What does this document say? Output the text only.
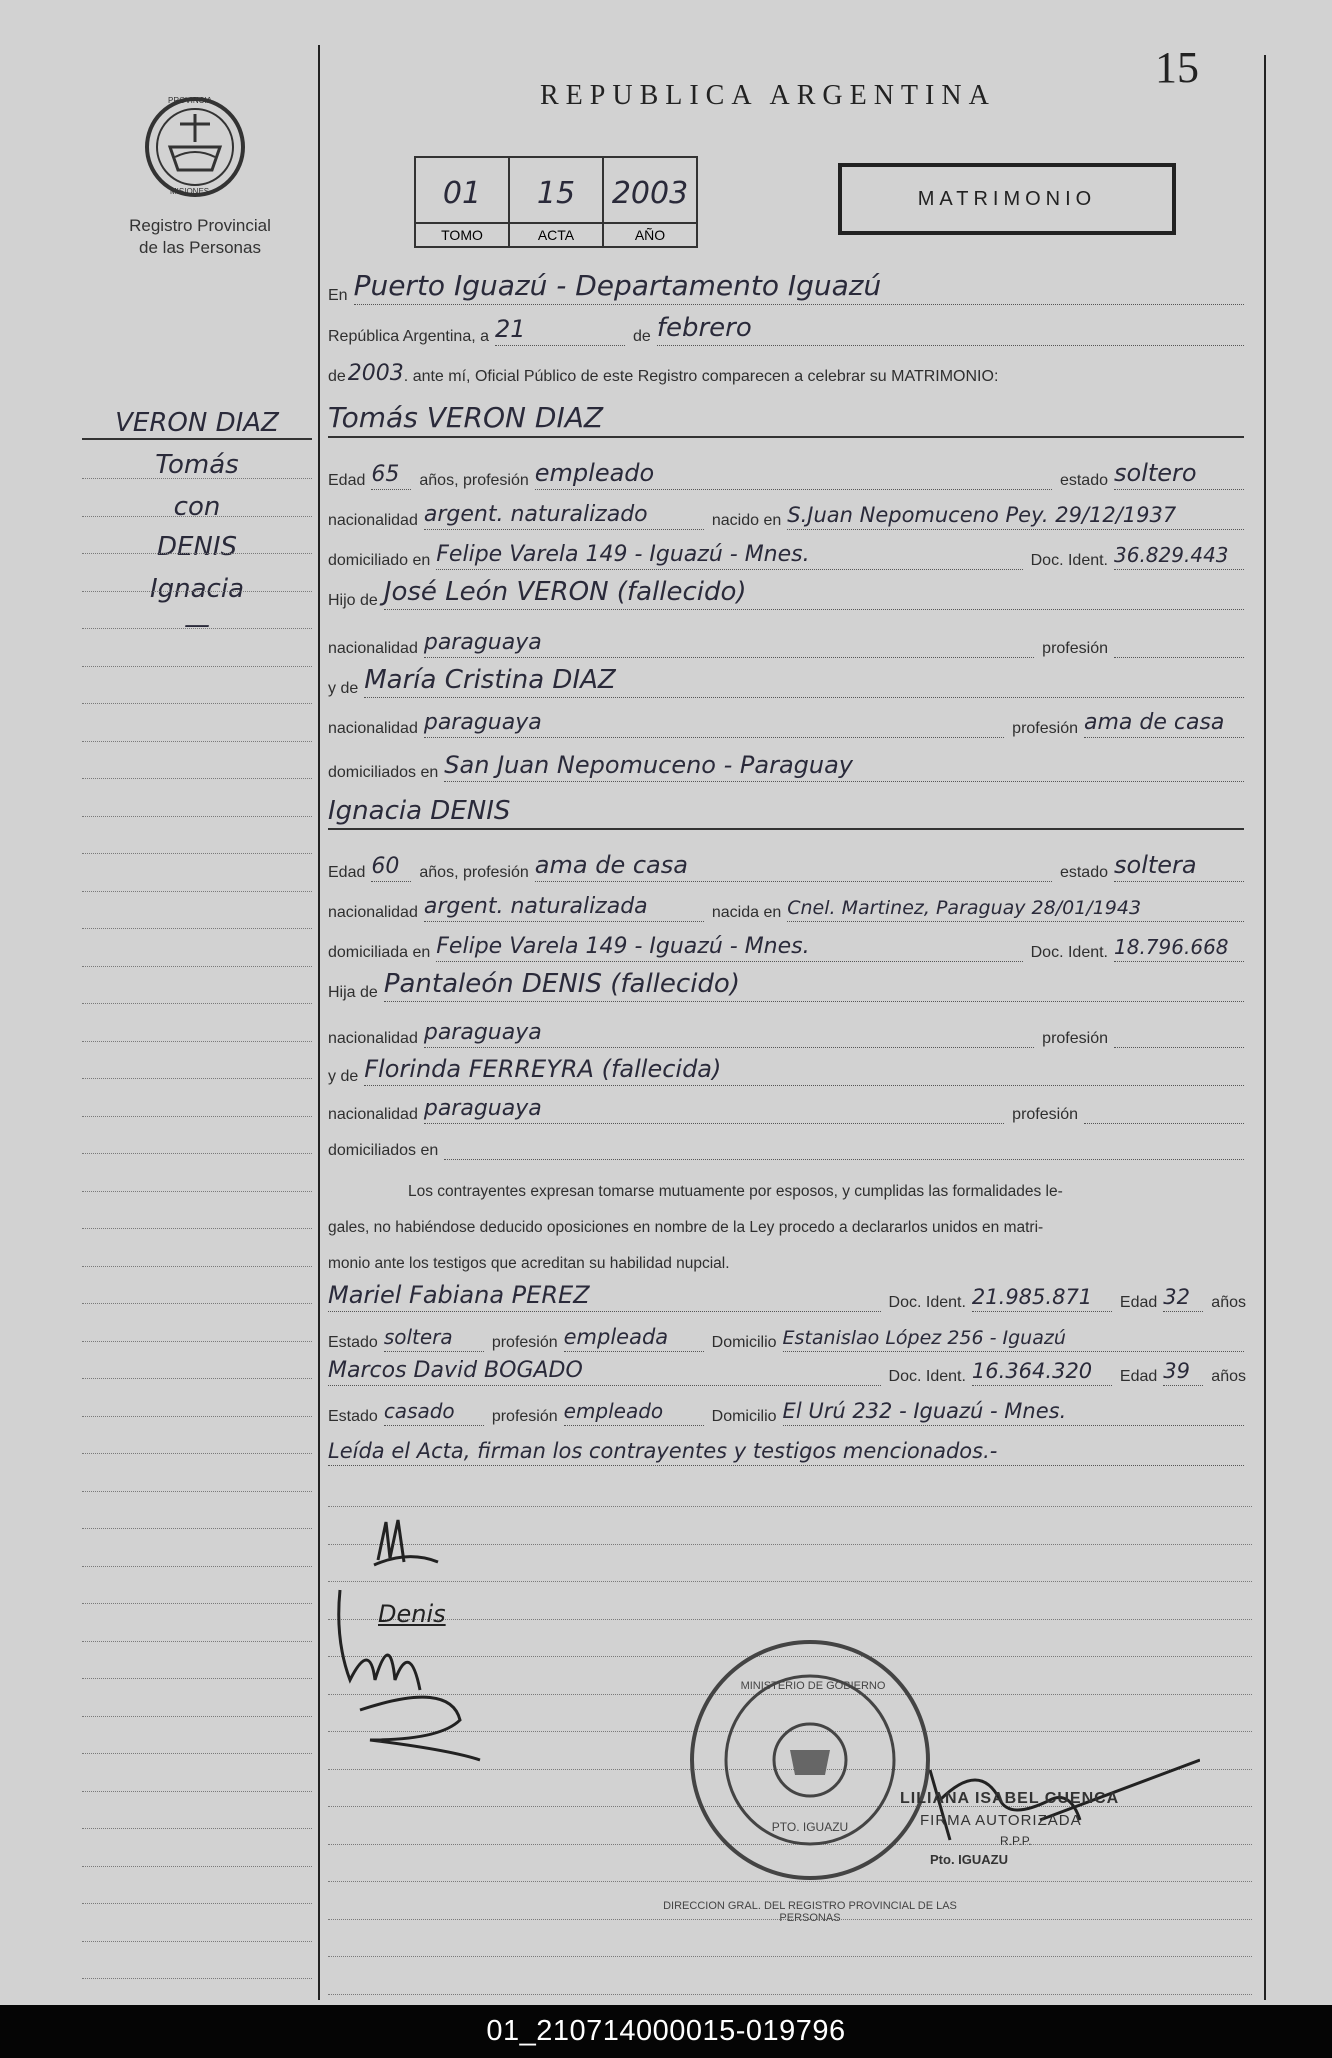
15
REPUBLICA ARGENTINA
PROVINCIA
MISIONES
Registro Provincial
de las Personas
01
TOMO
15
ACTA
2003
AÑO
MATRIMONIO
VERON DIAZ
Tomás
con
DENIS
Ignacia
—
En Puerto Iguazú - Departamento Iguazú
República Argentina, a 21	de febrero
de 2003 . ante mí, Oficial Público de este Registro comparecen a celebrar su MATRIMONIO:
Tomás VERON DIAZ
Edad 65	años, profesión empleado	estado soltero
nacionalidad argent. naturalizado	nacido en S.Juan Nepomuceno Pey. 29/12/1937
domiciliado en Felipe Varela 149 - Iguazú - Mnes.	Doc. Ident. 36.829.443
Hijo de José León VERON (fallecido)
nacionalidad paraguaya	profesión
y de María Cristina DIAZ
nacionalidad paraguaya	profesión ama de casa
domiciliados en San Juan Nepomuceno - Paraguay
Ignacia DENIS
Edad 60	años, profesión ama de casa	estado soltera
nacionalidad argent. naturalizada	nacida en Cnel. Martinez, Paraguay 28/01/1943
domiciliada en Felipe Varela 149 - Iguazú - Mnes.	Doc. Ident. 18.796.668
Hija de Pantaleón DENIS (fallecido)
nacionalidad paraguaya	profesión
y de Florinda FERREYRA (fallecida)
nacionalidad paraguaya	profesión
domiciliados en
Los contrayentes expresan tomarse mutuamente por esposos, y cumplidas las formalidades le-
gales, no habiéndose deducido oposiciones en nombre de la Ley procedo a declararlos unidos en matri-
monio ante los testigos que acreditan su habilidad nupcial.
Mariel Fabiana PEREZ	Doc. Ident. 21.985.871	Edad 32	años
Estado soltera	profesión empleada	Domicilio Estanislao López 256 - Iguazú
Marcos David BOGADO	Doc. Ident. 16.364.320	Edad 39	años
Estado casado	profesión empleado	Domicilio El Urú 232 - Iguazú - Mnes.
Leída el Acta, firman los contrayentes y testigos mencionados.-
Denis
DIRECCION GRAL. DEL REGISTRO PROVINCIAL DE LAS PERSONAS
MINISTERIO DE GOBIERNO
PTO. IGUAZU
LILIANA ISABEL CUENCA
FIRMA AUTORIZADA
R.P.P.
Pto. IGUAZU
01_210714000015-019796
